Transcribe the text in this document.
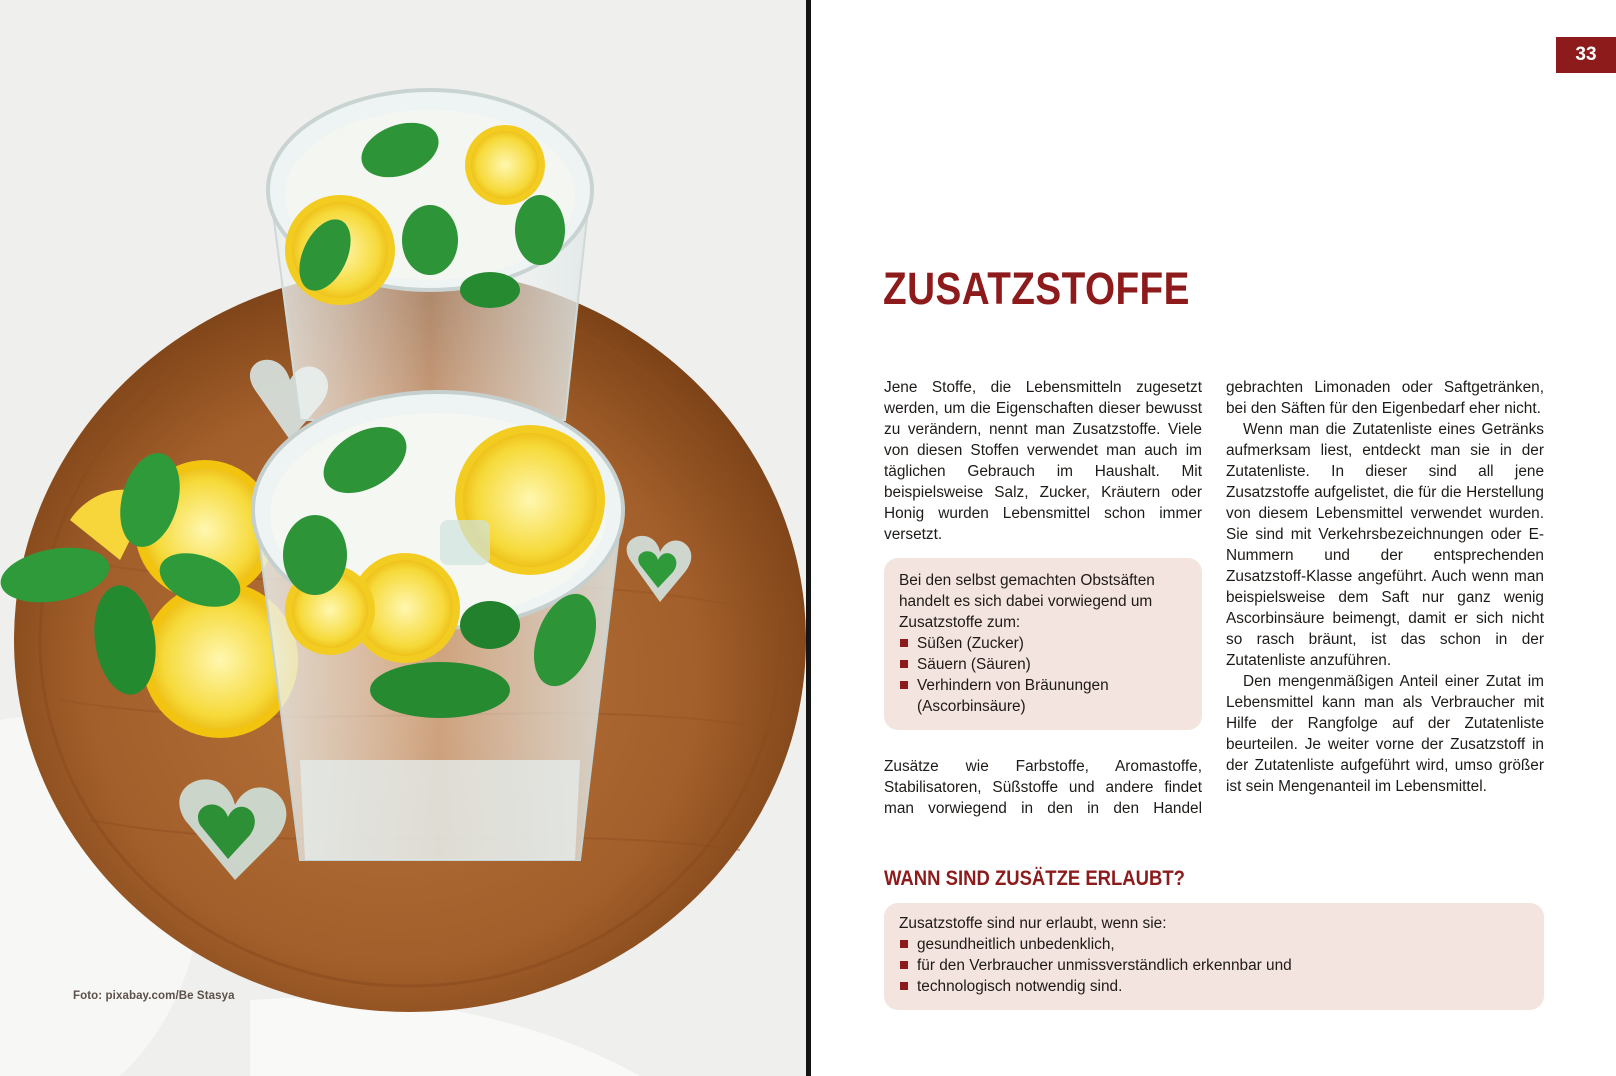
Foto: pixabay.com/Be Stasya
33
ZUSATZSTOFFE

Jene Stoffe, die Lebensmitteln zugesetzt werden, um die Eigenschaften dieser bewusst zu verändern, nennt man Zusatzstoffe. Viele von diesen Stoffen verwendet man auch im täglichen Gebrauch im Haushalt. Mit beispielsweise Salz, Zucker, Kräutern oder Honig wurden Lebensmittel schon immer versetzt.

Bei den selbst gemachten Obstsäften handelt es sich dabei vorwiegend um Zusatzstoffe zum:

Süßen (Zucker)
Säuern (Säuren)
Verhindern von Bräunungen (Ascorbinsäure)

Zusätze wie Farbstoffe, Aromastoffe, Stabilisatoren, Süßstoffe und andere findet man vorwiegend in den in den Handel

gebrachten Limonaden oder Saftgetränken, bei den Säften für den Eigenbedarf eher nicht.

Wenn man die Zutatenliste eines Getränks aufmerksam liest, entdeckt man sie in der Zutatenliste. In dieser sind all jene Zusatzstoffe aufgelistet, die für die Herstellung von diesem Lebensmittel verwendet wurden. Sie sind mit Verkehrsbezeichnungen oder E-Nummern und der entsprechenden Zusatzstoff-Klasse angeführt. Auch wenn man beispielsweise dem Saft nur ganz wenig Ascorbinsäure beimengt, damit er sich nicht so rasch bräunt, ist das schon in der Zutatenliste anzuführen.

Den mengenmäßigen Anteil einer Zutat im Lebensmittel kann man als Verbraucher mit Hilfe der Rangfolge auf der Zutatenliste beurteilen. Je weiter vorne der Zusatzstoff in der Zutatenliste aufgeführt wird, umso größer ist sein Mengenanteil im Lebensmittel.

WANN SIND ZUSÄTZE ERLAUBT?

Zusatzstoffe sind nur erlaubt, wenn sie:

gesundheitlich unbedenklich,
für den Verbraucher unmissverständlich erkennbar und
technologisch notwendig sind.
